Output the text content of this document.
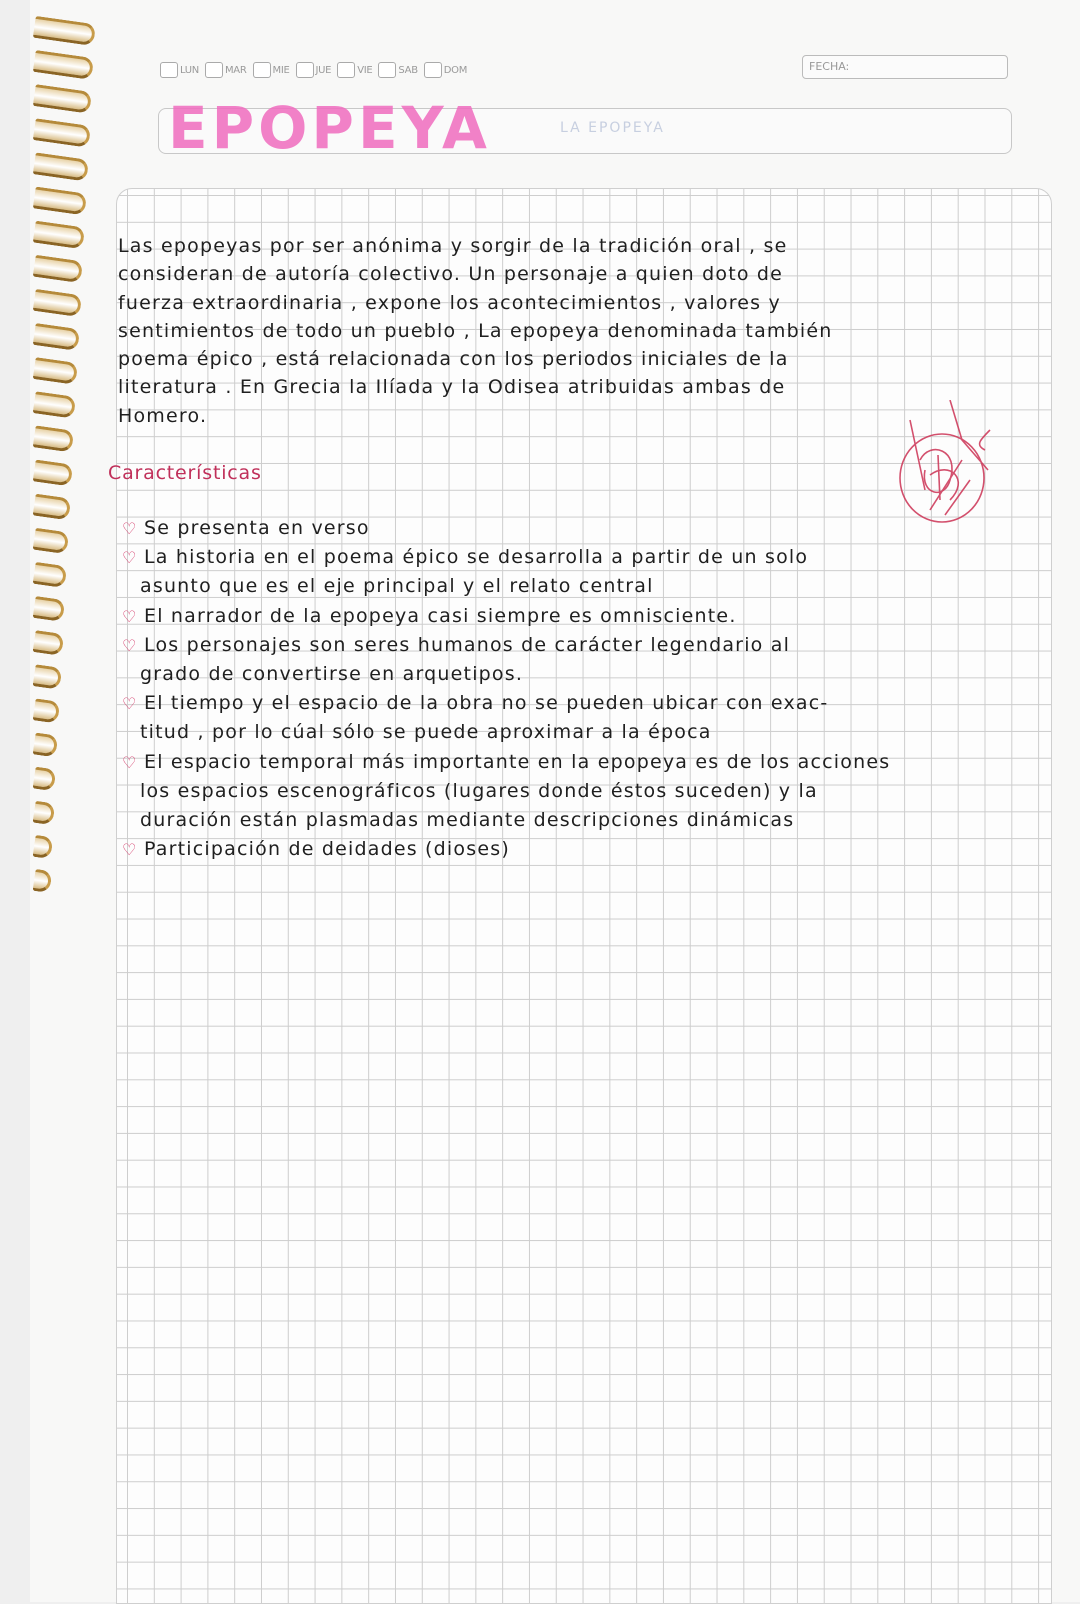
LUN	MAR	MIE	JUE	VIE	SAB	DOM	FECHA:
EPOPEYA	LA EPOPEYA
Las epopeyas por ser anónima y sorgir de la tradición oral , se
consideran de autoría colectivo. Un personaje a quien doto de
fuerza extraordinaria , expone los acontecimientos , valores y
sentimientos de todo un pueblo , La epopeya denominada también
poema épico , está relacionada con los periodos iniciales de la
literatura . En Grecia la Ilíada y la Odisea atribuidas ambas de
Homero.
Características
♡ Se presenta en verso
♡ La historia en el poema épico se desarrolla a partir de un solo
asunto que es el eje principal y el relato central
♡ El narrador de la epopeya casi siempre es omnisciente.
♡ Los personajes son seres humanos de carácter legendario al
grado de convertirse en arquetipos.
♡ El tiempo y el espacio de la obra no se pueden ubicar con exac-
titud , por lo cúal sólo se puede aproximar a la época
♡ El espacio temporal más importante en la epopeya es de los acciones
los espacios escenográficos (lugares donde éstos suceden) y la
duración están plasmadas mediante descripciones dinámicas
♡ Participación de deidades (dioses)
